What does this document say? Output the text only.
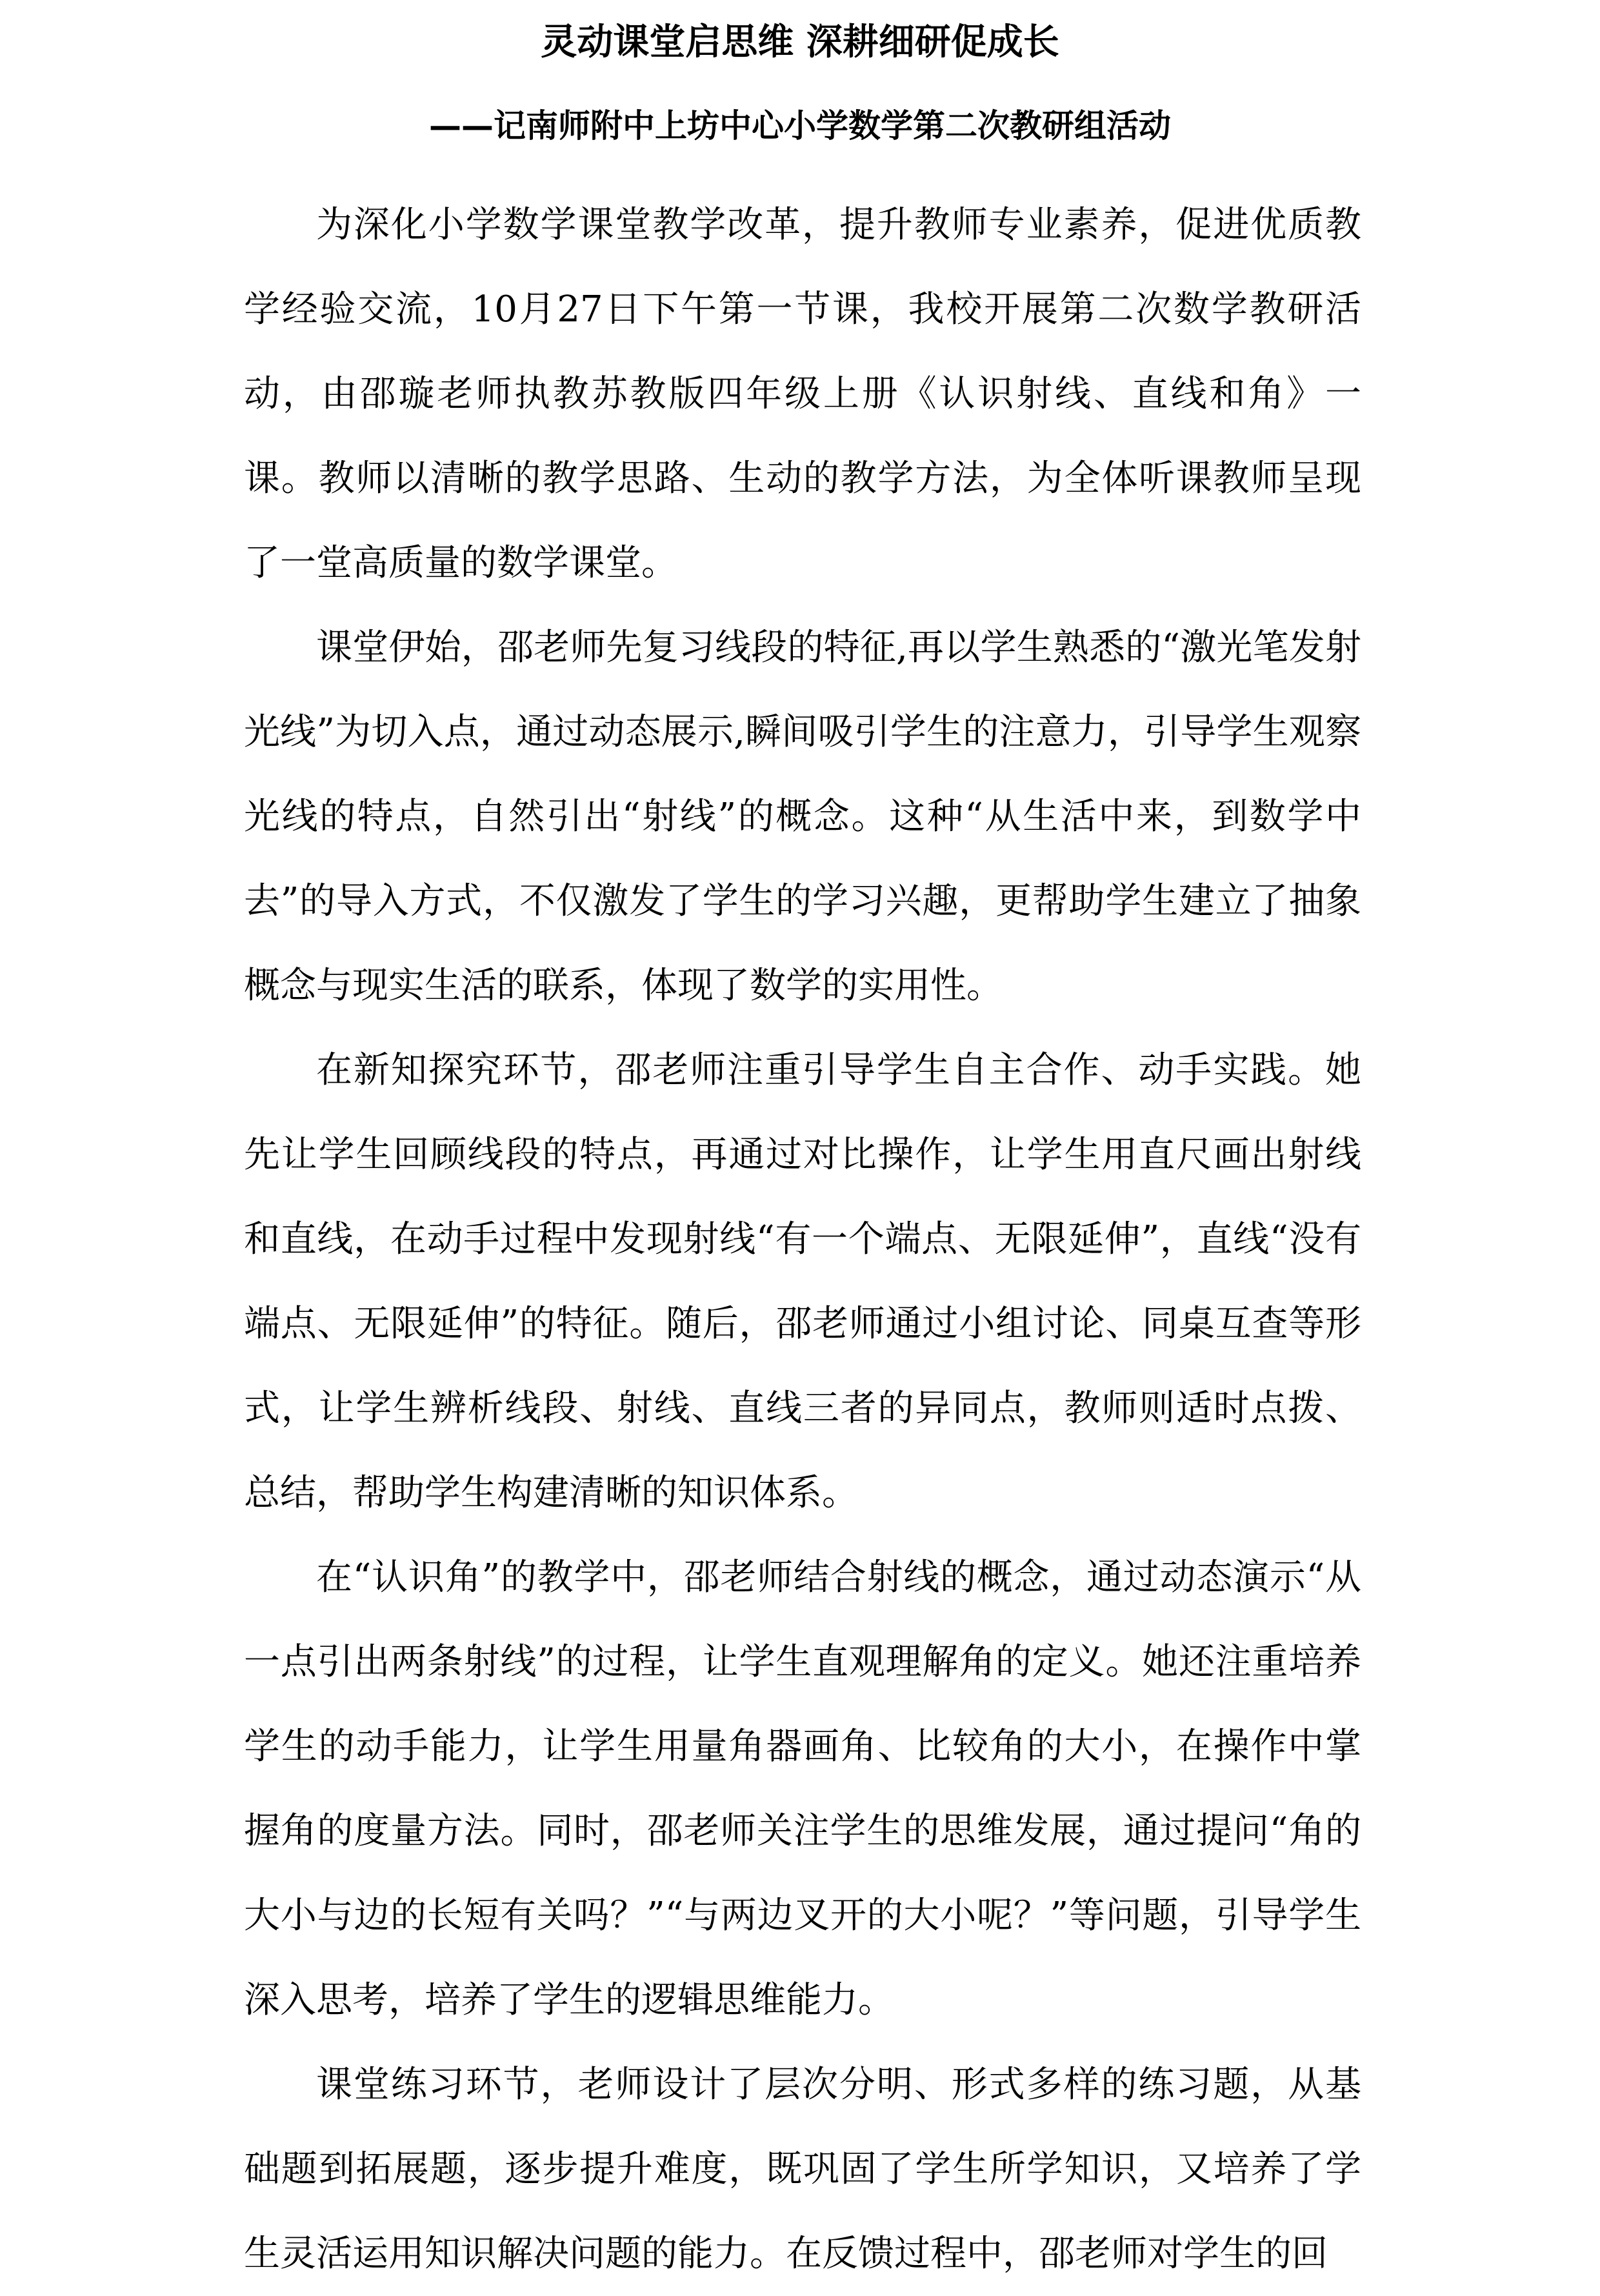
灵动课堂启思维 深耕细研促成长
——记南师附中上坊中心小学数学第二次教研组活动

为深化小学数学课堂教学改革，提升教师专业素养，促进优质教学经验交流，10月27日下午第一节课，我校开展第二次数学教研活动，由邵璇老师执教苏教版四年级上册《认识射线、直线和角》一课。教师以清晰的教学思路、生动的教学方法，为全体听课教师呈现了一堂高质量的数学课堂。

课堂伊始，邵老师先复习线段的特征,再以学生熟悉的“激光笔发射光线”为切入点，通过动态展示,瞬间吸引学生的注意力，引导学生观察光线的特点，自然引出“射线”的概念。这种“从生活中来，到数学中去”的导入方式，不仅激发了学生的学习兴趣，更帮助学生建立了抽象概念与现实生活的联系，体现了数学的实用性。

在新知探究环节，邵老师注重引导学生自主合作、动手实践。她先让学生回顾线段的特点，再通过对比操作，让学生用直尺画出射线和直线，在动手过程中发现射线“有一个端点、无限延伸”，直线“没有端点、无限延伸”的特征。随后，邵老师通过小组讨论、同桌互查等形式，让学生辨析线段、射线、直线三者的异同点，教师则适时点拨、总结，帮助学生构建清晰的知识体系。

在“认识角”的教学中，邵老师结合射线的概念，通过动态演示“从一点引出两条射线”的过程，让学生直观理解角的定义。她还注重培养学生的动手能力，让学生用量角器画角、比较角的大小，在操作中掌握角的度量方法。同时，邵老师关注学生的思维发展，通过提问“角的大小与边的长短有关吗？”“与两边叉开的大小呢？”等问题，引导学生深入思考，培养了学生的逻辑思维能力。

课堂练习环节，老师设计了层次分明、形式多样的练习题，从基础题到拓展题，逐步提升难度，既巩固了学生所学知识，又培养了学生灵活运用知识解决问题的能力。在反馈过程中，邵老师对学生的回
